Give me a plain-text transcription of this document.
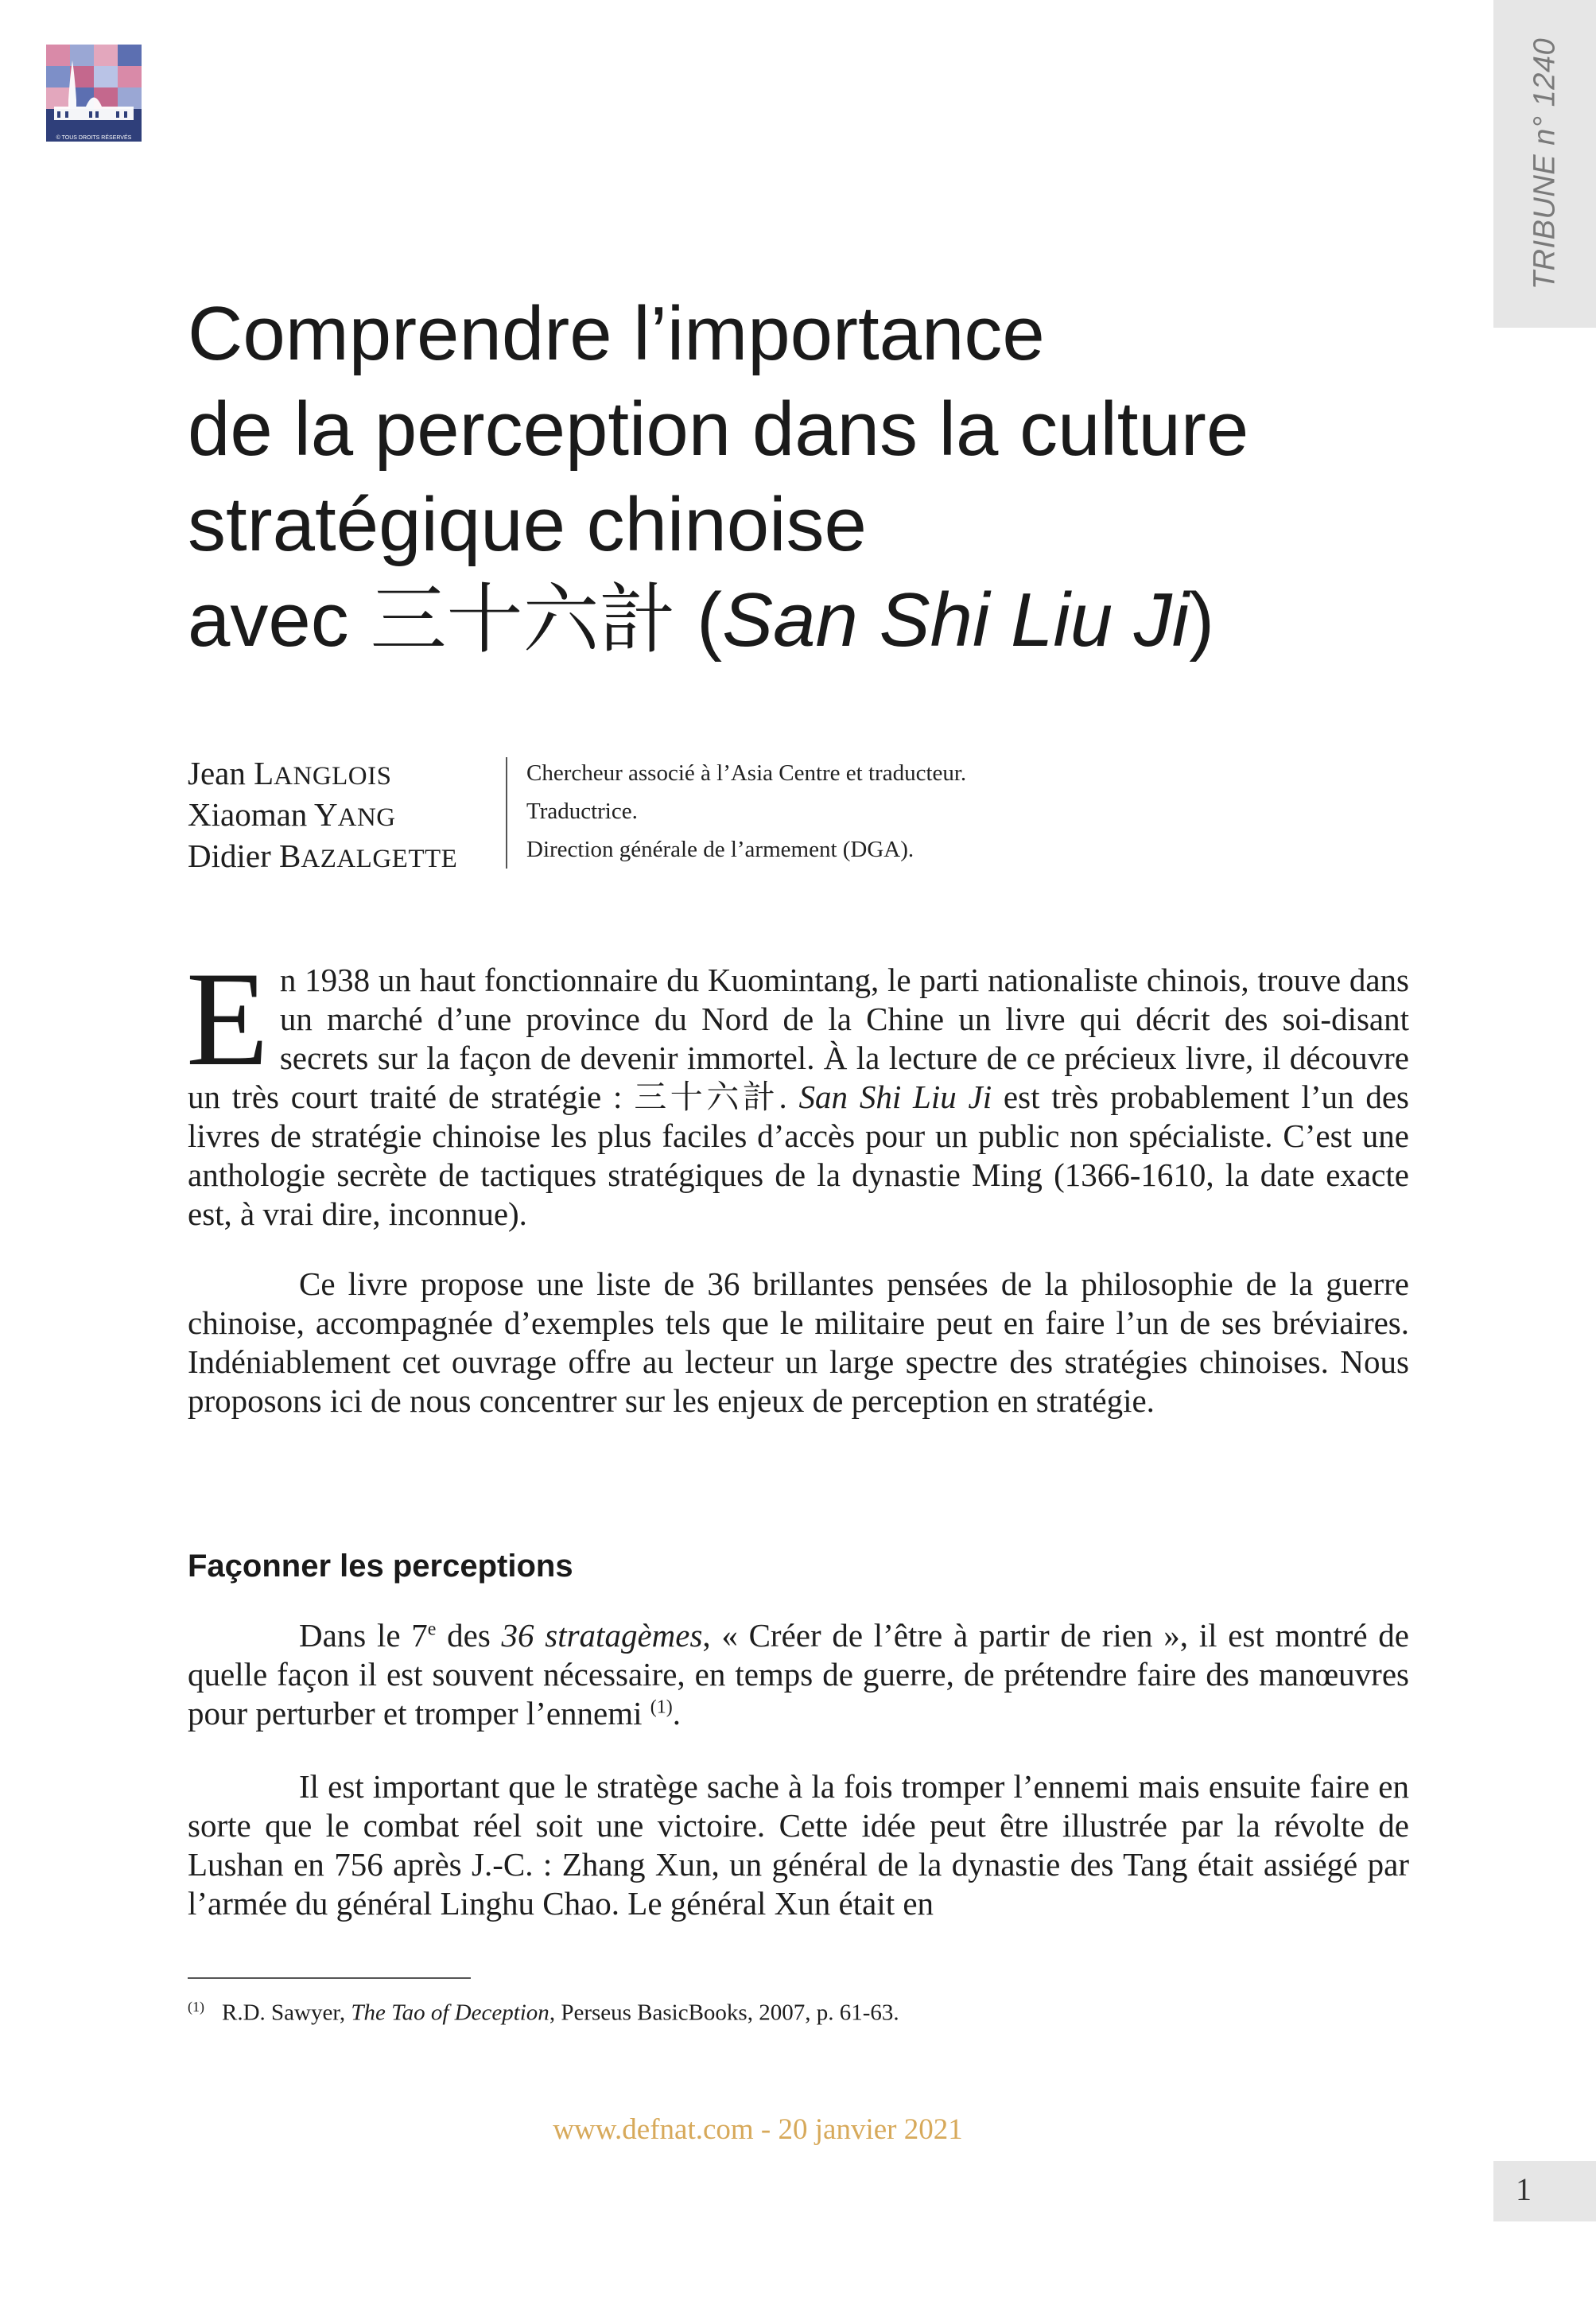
© TOUS DROITS RÉSERVÉS	TRIBUNE n° 1240
Comprendre l’importance
de la perception dans la culture
stratégique chinoise
avec 三十六計 (San Shi Liu Ji)
Jean LANGLOIS
Xiaoman YANG
Didier BAZALGETTE
Chercheur associé à l’Asia Centre et traducteur.
Traductrice.
Direction générale de l’armement (DGA).

En 1938 un haut fonctionnaire du Kuomintang, le parti nationaliste chinois, trouve dans un marché d’une province du Nord de la Chine un livre qui décrit des soi-disant secrets sur la façon de devenir immortel. À la lecture de ce précieux livre, il découvre un très court traité de stratégie : 三十六計. San Shi Liu Ji est très probablement l’un des livres de stratégie chinoise les plus faciles d’accès pour un public non spécialiste. C’est une anthologie secrète de tactiques stratégiques de la dynastie Ming (1366-1610, la date exacte est, à vrai dire, inconnue).

Ce livre propose une liste de 36 brillantes pensées de la philosophie de la guerre chinoise, accompagnée d’exemples tels que le militaire peut en faire l’un de ses bréviaires. Indéniablement cet ouvrage offre au lecteur un large spectre des stratégies chinoises. Nous proposons ici de nous concentrer sur les enjeux de perception en stratégie.

Façonner les perceptions

Dans le 7e des 36 stratagèmes, « Créer de l’être à partir de rien », il est montré de quelle façon il est souvent nécessaire, en temps de guerre, de prétendre faire des manœuvres pour perturber et tromper l’ennemi $^{(1)}$.

Il est important que le stratège sache à la fois tromper l’ennemi mais ensuite faire en sorte que le combat réel soit une victoire. Cette idée peut être illustrée par la révolte de Lushan en 756 après J.-C. : Zhang Xun, un général de la dynastie des Tang était assiégé par l’armée du général Linghu Chao. Le général Xun était en

$^{(1)}$ R.D. Sawyer, The Tao of Deception, Perseus BasicBooks, 2007, p. 61-63.
www.defnat.com - 20 janvier 2021
1
